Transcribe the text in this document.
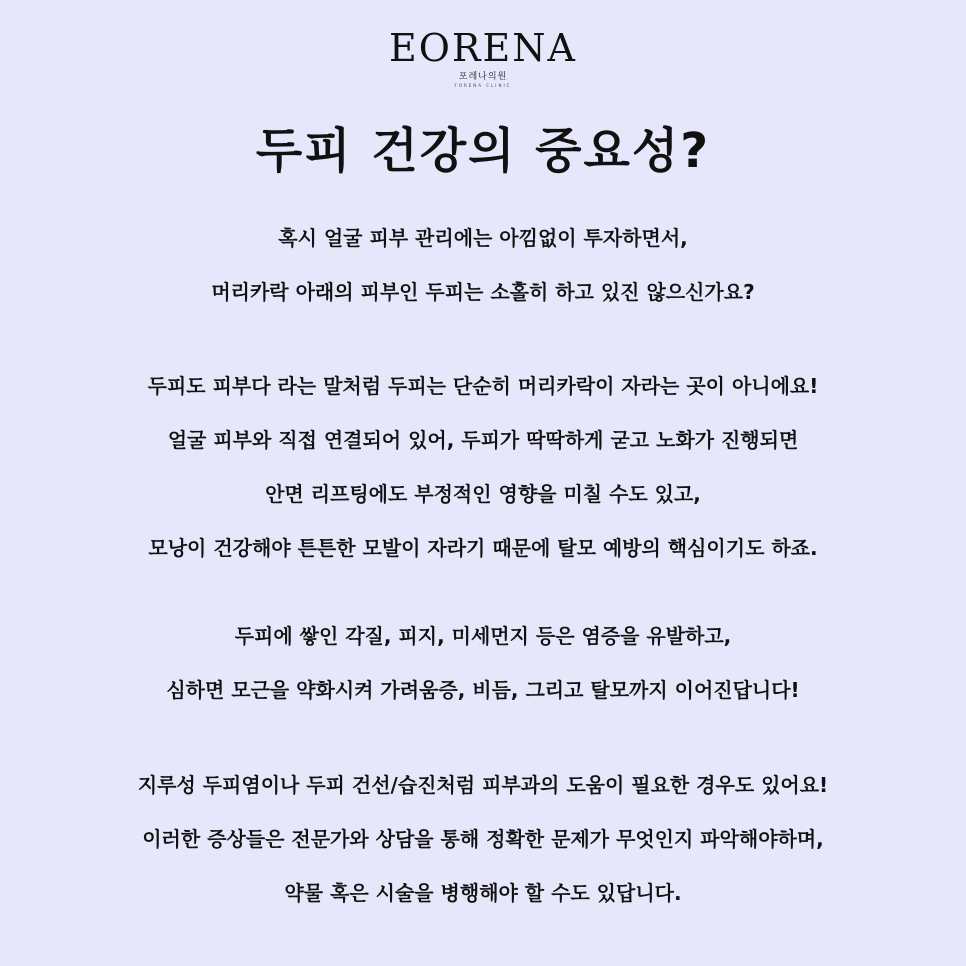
EORENA
포레나의원
FORENA CLINIC
두피 건강의 중요성?
혹시 얼굴 피부 관리에는 아낌없이 투자하면서,
머리카락 아래의 피부인 두피는 소홀히 하고 있진 않으신가요?
두피도 피부다 라는 말처럼 두피는 단순히 머리카락이 자라는 곳이 아니에요!
얼굴 피부와 직접 연결되어 있어, 두피가 딱딱하게 굳고 노화가 진행되면
안면 리프팅에도 부정적인 영향을 미칠 수도 있고,
모낭이 건강해야 튼튼한 모발이 자라기 때문에 탈모 예방의 핵심이기도 하죠.
두피에 쌓인 각질, 피지, 미세먼지 등은 염증을 유발하고,
심하면 모근을 약화시켜 가려움증, 비듬, 그리고 탈모까지 이어진답니다!
지루성 두피염이나 두피 건선/습진처럼 피부과의 도움이 필요한 경우도 있어요!
이러한 증상들은 전문가와 상담을 통해 정확한 문제가 무엇인지 파악해야하며,
약물 혹은 시술을 병행해야 할 수도 있답니다.
